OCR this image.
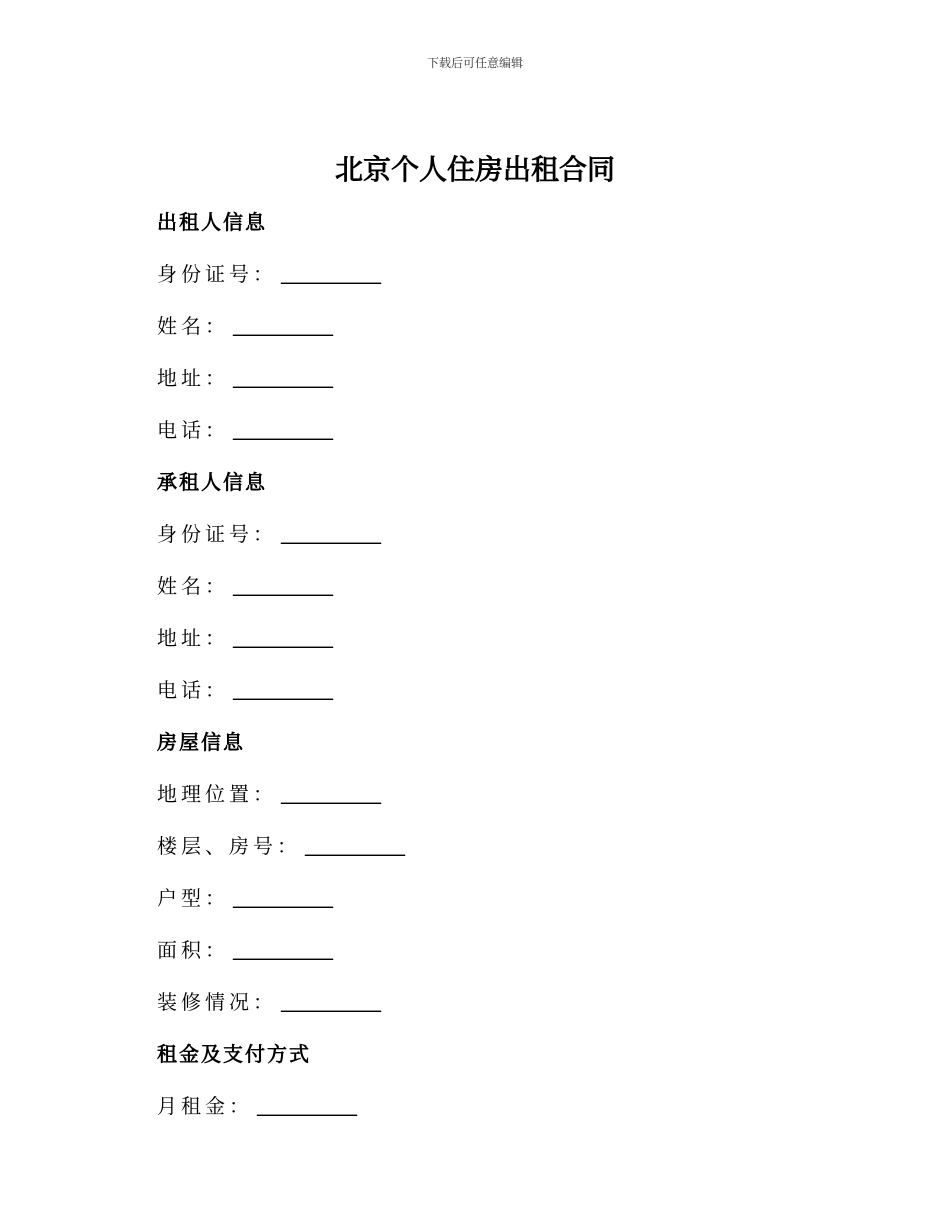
下载后可任意编辑
北京个人住房出租合同
出租人信息
身份证号： __________
姓名： __________
地址： __________
电话： __________
承租人信息
身份证号： __________
姓名： __________
地址： __________
电话： __________
房屋信息
地理位置： __________
楼层、房号： __________
户型： __________
面积： __________
装修情况： __________
租金及支付方式
月租金： __________
